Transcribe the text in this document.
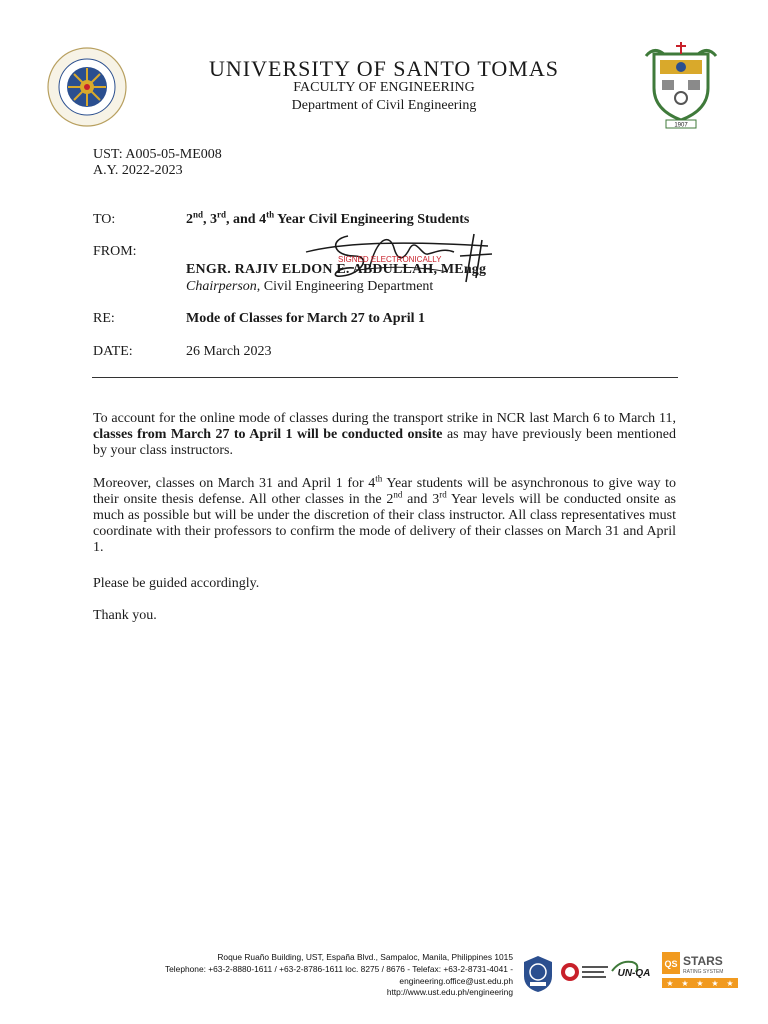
1907
UNIVERSITY OF SANTO TOMAS
FACULTY OF ENGINEERING
Department of Civil Engineering
UST: A005-05-ME008
A.Y. 2022-2023
TO:	2nd, 3rd, and 4th Year Civil Engineering Students
FROM:
ENGR. RAJIV ELDON E. ABDULLAH, MEngg
Chairperson, Civil Engineering Department
SIGNED ELECTRONICALLY
RE:	Mode of Classes for March 27 to April 1
DATE:	26 March 2023
To account for the online mode of classes during the transport strike in NCR last March 6 to March 11, classes from March 27 to April 1 will be conducted onsite as may have previously been mentioned by your class instructors.
Moreover, classes on March 31 and April 1 for 4th Year students will be asynchronous to give way to their onsite thesis defense. All other classes in the 2nd and 3rd Year levels will be conducted onsite as much as possible but will be under the discretion of their class instructor. All class representatives must coordinate with their professors to confirm the mode of delivery of their classes on March 31 and April 1.
Please be guided accordingly.
Thank you.
Roque Ruaño Building, UST, España Blvd., Sampaloc, Manila, Philippines 1015
Telephone: +63-2-8880-1611 / +63-2-8786-1611 loc. 8275 / 8676 - Telefax: +63-2-8731-4041 -
engineering.office@ust.edu.ph
http://www.ust.edu.ph/engineering
UN-QA
QS STARS
RATING SYSTEM
★ ★ ★ ★ ★
